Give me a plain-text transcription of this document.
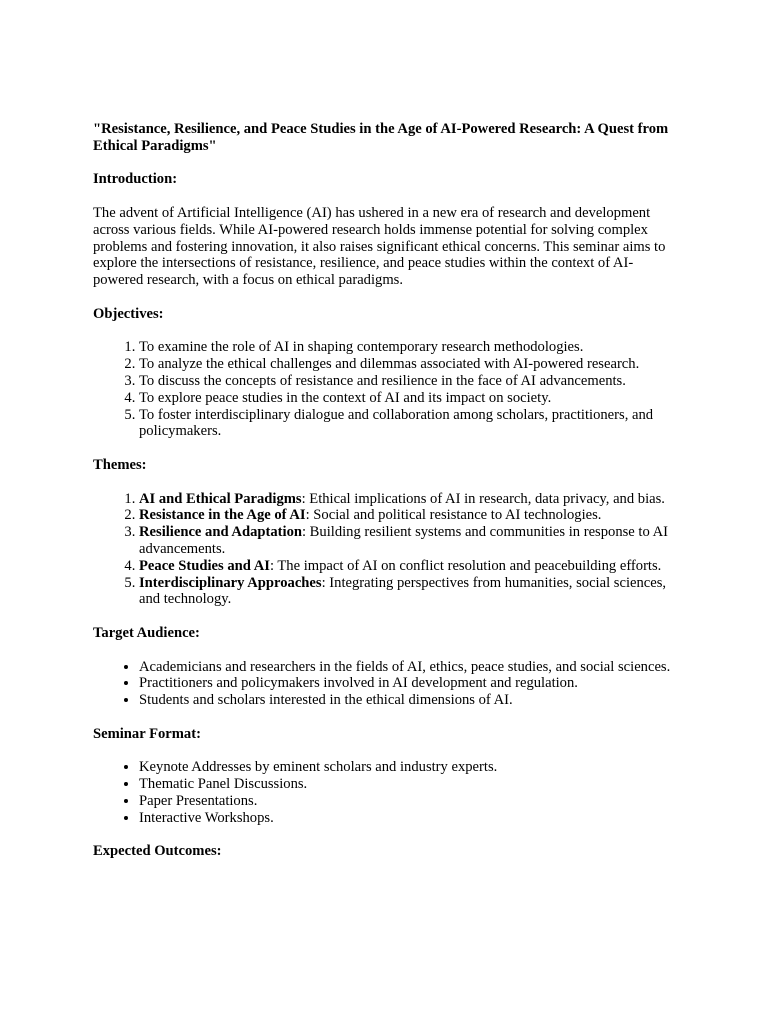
"Resistance, Resilience, and Peace Studies in the Age of AI-Powered Research: A Quest from Ethical Paradigms"
Introduction:

The advent of Artificial Intelligence (AI) has ushered in a new era of research and development across various fields. While AI-powered research holds immense potential for solving complex problems and fostering innovation, it also raises significant ethical concerns. This seminar aims to explore the intersections of resistance, resilience, and peace studies within the context of AI-powered research, with a focus on ethical paradigms.

Objectives:
1. To examine the role of AI in shaping contemporary research methodologies.
2. To analyze the ethical challenges and dilemmas associated with AI-powered research.
3. To discuss the concepts of resistance and resilience in the face of AI advancements.
4. To explore peace studies in the context of AI and its impact on society.
5. To foster interdisciplinary dialogue and collaboration among scholars, practitioners, and policymakers.
Themes:
1. AI and Ethical Paradigms: Ethical implications of AI in research, data privacy, and bias.
2. Resistance in the Age of AI: Social and political resistance to AI technologies.
3. Resilience and Adaptation: Building resilient systems and communities in response to AI advancements.
4. Peace Studies and AI: The impact of AI on conflict resolution and peacebuilding efforts.
5. Interdisciplinary Approaches: Integrating perspectives from humanities, social sciences, and technology.
Target Audience:
• Academicians and researchers in the fields of AI, ethics, peace studies, and social sciences.
• Practitioners and policymakers involved in AI development and regulation.
• Students and scholars interested in the ethical dimensions of AI.
Seminar Format:
• Keynote Addresses by eminent scholars and industry experts.
• Thematic Panel Discussions.
• Paper Presentations.
• Interactive Workshops.
Expected Outcomes:
